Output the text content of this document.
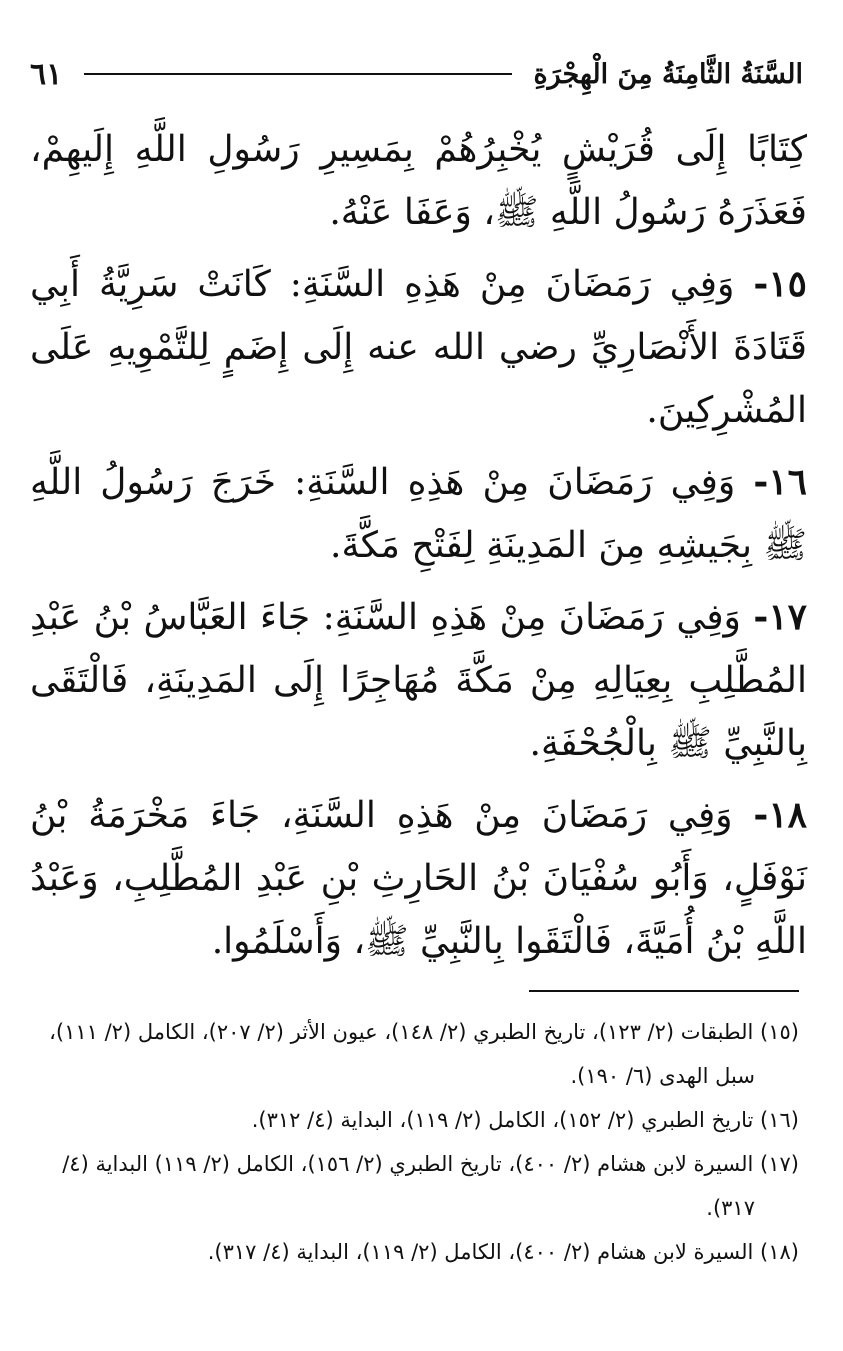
السَّنَةُ الثَّامِنَةُ مِنَ الْهِجْرَةِ
٦١

كِتَابًا إِلَى قُرَيْشٍ يُخْبِرُهُمْ بِمَسِيرِ رَسُولِ اللَّهِ إِلَيهِمْ، فَعَذَرَهُ رَسُولُ اللَّهِ ﷺ، وَعَفَا عَنْهُ.

١٥- وَفِي رَمَضَانَ مِنْ هَذِهِ السَّنَةِ: كَانَتْ سَرِيَّةُ أَبِي قَتَادَةَ الأَنْصَارِيِّ رضي الله عنه إِلَى إِضَمٍ لِلتَّمْوِيهِ عَلَى المُشْرِكِينَ.

١٦- وَفِي رَمَضَانَ مِنْ هَذِهِ السَّنَةِ: خَرَجَ رَسُولُ اللَّهِ ﷺ بِجَيشِهِ مِنَ المَدِينَةِ لِفَتْحِ مَكَّةَ.

١٧- وَفِي رَمَضَانَ مِنْ هَذِهِ السَّنَةِ: جَاءَ العَبَّاسُ بْنُ عَبْدِ المُطَّلِبِ بِعِيَالِهِ مِنْ مَكَّةَ مُهَاجِرًا إِلَى المَدِينَةِ، فَالْتَقَى بِالنَّبِيِّ ﷺ بِالْجُحْفَةِ.

١٨- وَفِي رَمَضَانَ مِنْ هَذِهِ السَّنَةِ، جَاءَ مَخْرَمَةُ بْنُ نَوْفَلٍ، وَأَبُو سُفْيَانَ بْنُ الحَارِثِ بْنِ عَبْدِ المُطَّلِبِ، وَعَبْدُ اللَّهِ بْنُ أُمَيَّةَ، فَالْتَقَوا بِالنَّبِيِّ ﷺ، وَأَسْلَمُوا.

(١٥) الطبقات (٢/ ١٢٣)، تاريخ الطبري (٢/ ١٤٨)، عيون الأثر (٢/ ٢٠٧)، الكامل (٢/ ١١١)، سبل الهدى (٦/ ١٩٠).

(١٦) تاريخ الطبري (٢/ ١٥٢)، الكامل (٢/ ١١٩)، البداية (٤/ ٣١٢).

(١٧) السيرة لابن هشام (٢/ ٤٠٠)، تاريخ الطبري (٢/ ١٥٦)، الكامل (٢/ ١١٩) البداية (٤/ ٣١٧).

(١٨) السيرة لابن هشام (٢/ ٤٠٠)، الكامل (٢/ ١١٩)، البداية (٤/ ٣١٧).
